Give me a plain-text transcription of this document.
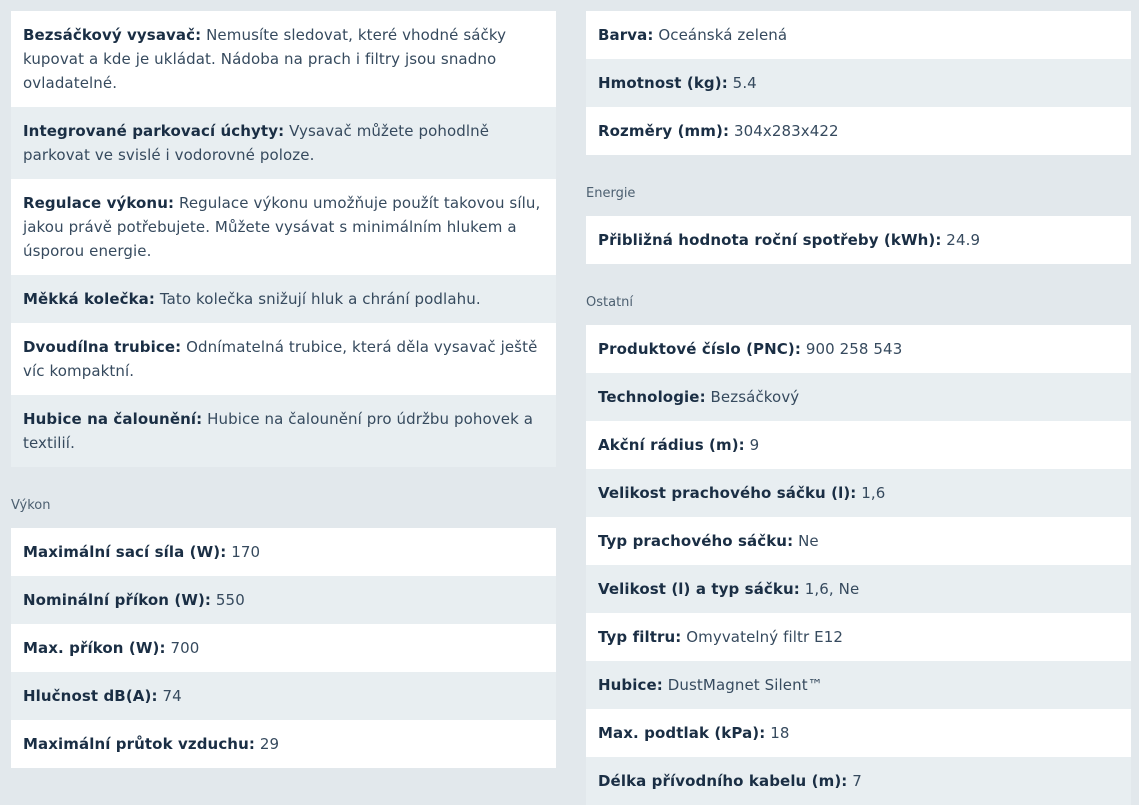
Bezsáčkový vysavač: Nemusíte sledovat, které vhodné sáčky kupovat a kde je ukládat. Nádoba na prach i filtry jsou snadno ovladatelné.
Integrované parkovací úchyty: Vysavač můžete pohodlně parkovat ve svislé i vodorovné poloze.
Regulace výkonu: Regulace výkonu umožňuje použít takovou sílu, jakou právě potřebujete. Můžete vysávat s minimálním hlukem a úsporou energie.
Měkká kolečka: Tato kolečka snižují hluk a chrání podlahu.
Dvoudílna trubice: Odnímatelná trubice, která děla vysavač ještě víc kompaktní.
Hubice na čalounění: Hubice na čalounění pro údržbu pohovek a textilií.
Výkon
Maximální sací síla (W): 170
Nominální příkon (W): 550
Max. příkon (W): 700
Hlučnost dB(A): 74
Maximální průtok vzduchu: 29
Barva: Oceánská zelená
Hmotnost (kg): 5.4
Rozměry (mm): 304x283x422
Energie
Přibližná hodnota roční spotřeby (kWh): 24.9
Ostatní
Produktové číslo (PNC): 900 258 543
Technologie: Bezsáčkový
Akční rádius (m): 9
Velikost prachového sáčku (l): 1,6
Typ prachového sáčku: Ne
Velikost (l) a typ sáčku: 1,6, Ne
Typ filtru: Omyvatelný filtr E12
Hubice: DustMagnet Silent™
Max. podtlak (kPa): 18
Délka přívodního kabelu (m): 7
